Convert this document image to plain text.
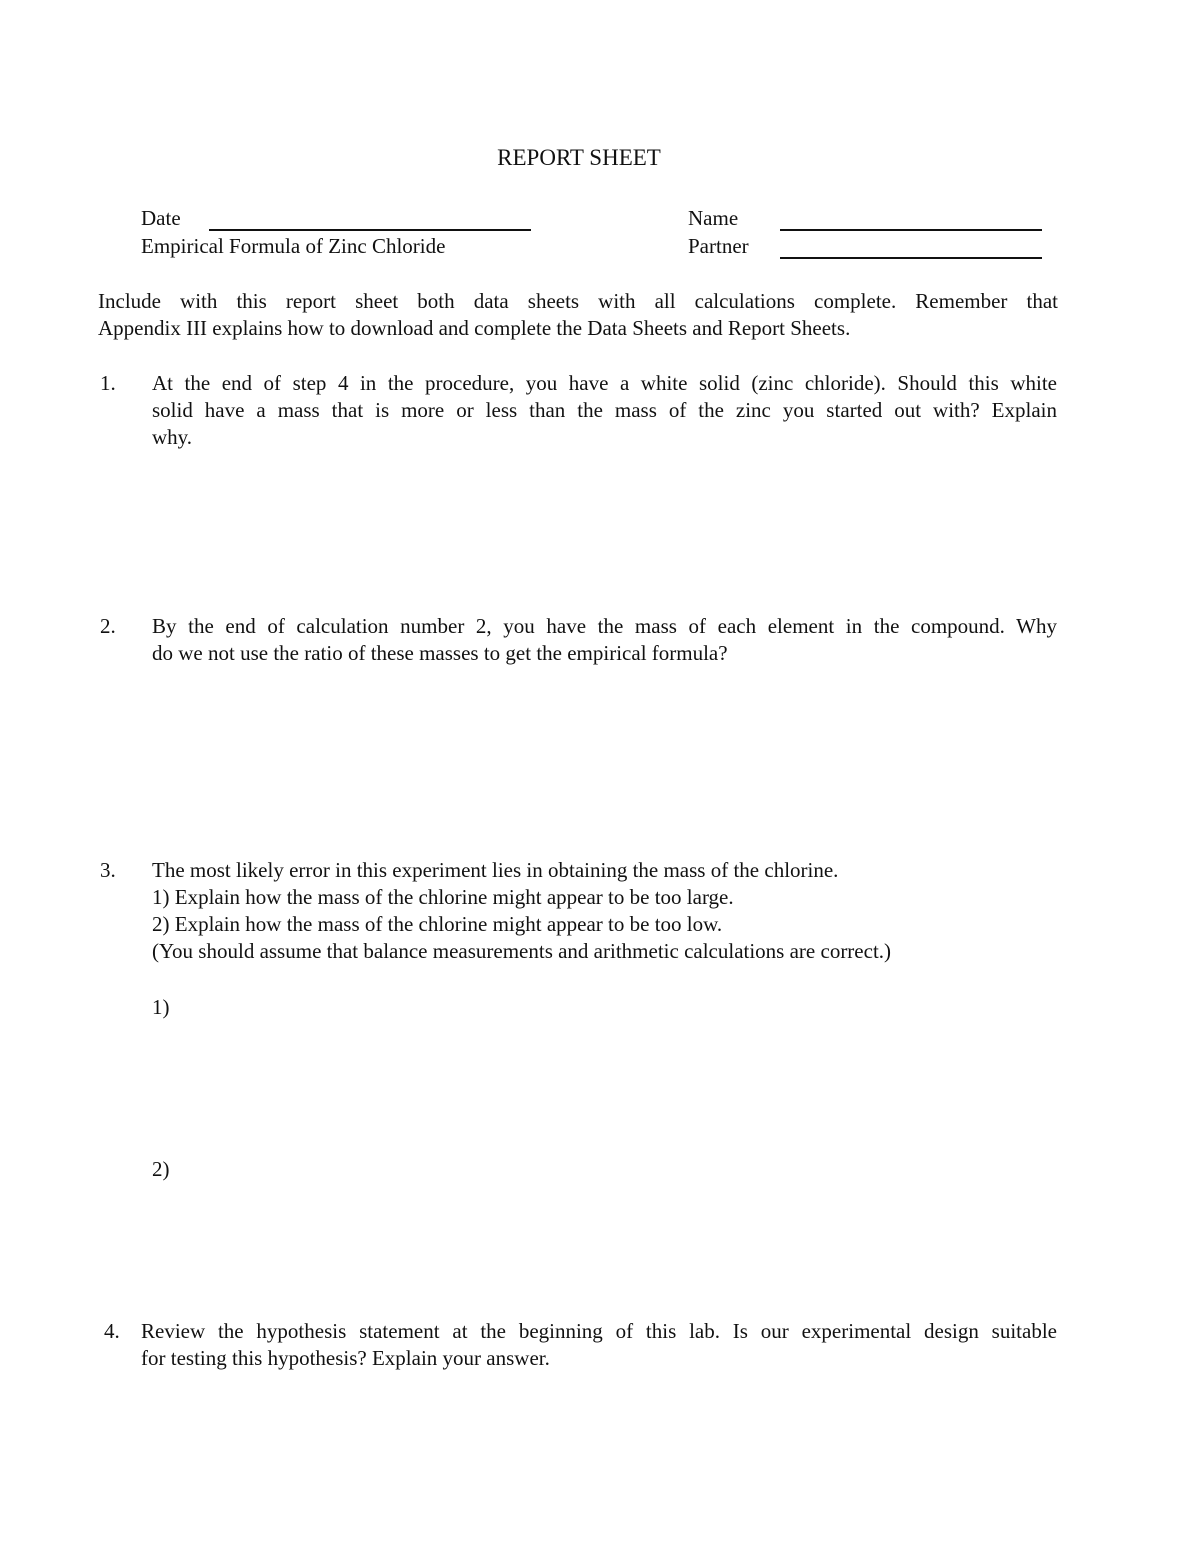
REPORT SHEET
Date
Empirical Formula of Zinc Chloride
Name
Partner
Include with this report sheet both data sheets with all calculations complete. Remember that
Appendix III explains how to download and complete the Data Sheets and Report Sheets.
1. At the end of step 4 in the procedure, you have a white solid (zinc chloride). Should this white
solid have a mass that is more or less than the mass of the zinc you started out with? Explain
why.
2. By the end of calculation number 2, you have the mass of each element in the compound. Why
do we not use the ratio of these masses to get the empirical formula?
3. The most likely error in this experiment lies in obtaining the mass of the chlorine.
1) Explain how the mass of the chlorine might appear to be too large.
2) Explain how the mass of the chlorine might appear to be too low.
(You should assume that balance measurements and arithmetic calculations are correct.)
1)
2)
4. Review the hypothesis statement at the beginning of this lab. Is our experimental design suitable
for testing this hypothesis? Explain your answer.
